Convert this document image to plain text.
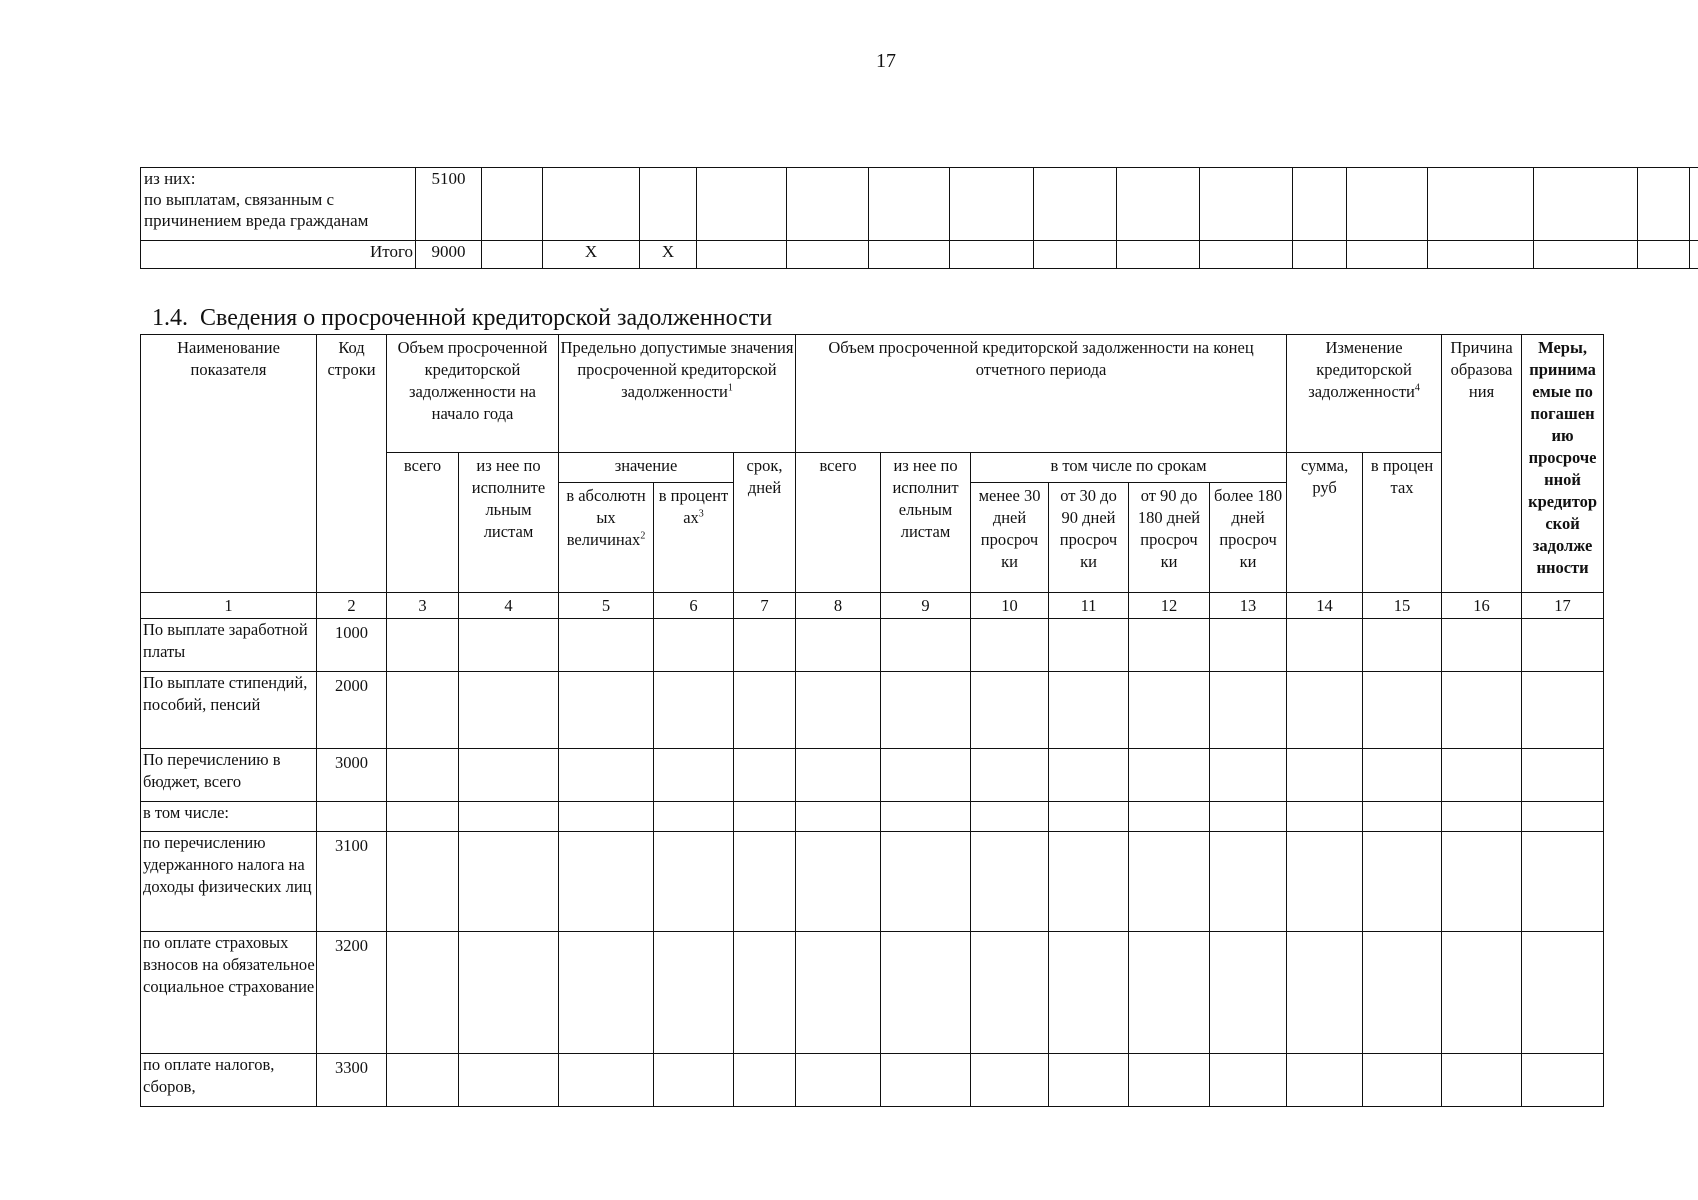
17
из них:
по выплатам, связанным с
причинением вреда гражданам	5100																
Итого	9000		X	X													
1.4. Сведения о просроченной кредиторской задолженности
Наименование показателя	Код строки	Объем просроченной кредиторской задолженности на начало года		Предельно допустимые значения просроченной кредиторской задолженности$^1$			Объем просроченной кредиторской задолженности на конец отчетного периода						Изменение кредиторской задолженности$^4$		Причина образова ния	Меры, принима емые по погашен ию просроче нной кредитор ской задолже нности
		всего	из нее по исполните льным листам	значение		срок, дней	всего	из нее по исполнит ельным листам	в том числе по срокам				сумма, руб	в процен тах		
				в абсолютн ых величинах$^2$	в процент $ах^3$				менее 30 дней просроч ки	от 30 до 90 дней просроч ки	от 90 до 180 дней просроч ки	более 180 дней просроч ки				
1	2	3	4	5	6	7	8	9	10	11	12	13	14	15	16	17
По выплате заработной платы	1000															
По выплате стипендий, пособий, пенсий	2000															
По перечислению в бюджет, всего	3000															
в том числе:																
по перечислению удержанного налога на доходы физических лиц	3100															
по оплате страховых взносов на обязательное социальное страхование	3200															
по оплате налогов, сборов,	3300															
